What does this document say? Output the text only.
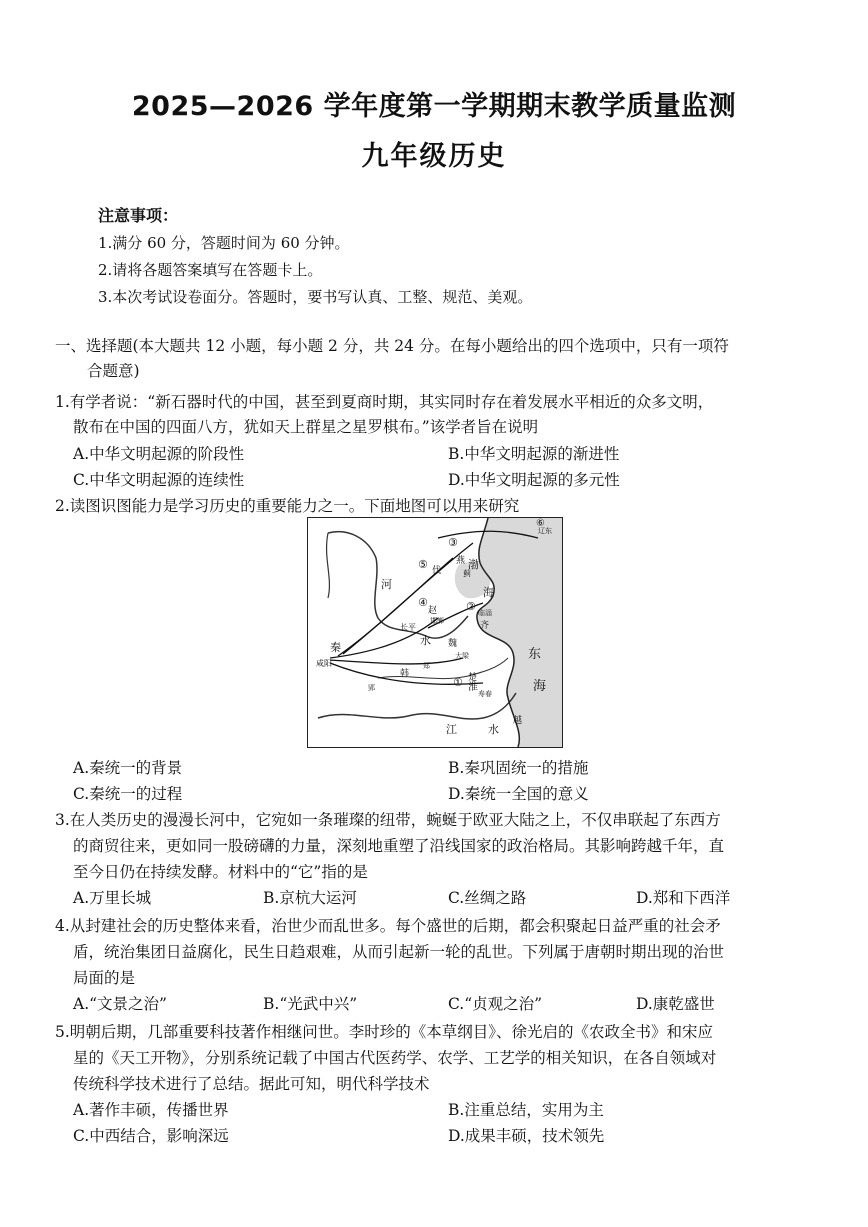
2025—2026 学年度第一学期期末教学质量监测
九年级历史
注意事项：
1.满分 60 分，答题时间为 60 分钟。
2.请将各题答案填写在答题卡上。
3.本次考试设卷面分。答题时，要书写认真、工整、规范、美观。
一、选择题(本大题共 12 小题，每小题 2 分，共 24 分。在每小题给出的四个选项中，只有一项符
合题意)
1.有学者说：“新石器时代的中国，甚至到夏商时期，其实同时存在着发展水平相近的众多文明，
散布在中国的四面八方，犹如天上群星之星罗棋布。”该学者旨在说明
A.中华文明起源的阶段性	B.中华文明起源的渐进性
C.中华文明起源的连续性	D.中华文明起源的多元性
2.读图识图能力是学习历史的重要能力之一。下面地图可以用来研究
河
渤
海
东
海
江
水
水
淮
秦
咸阳
代
燕
蓟
辽东
赵
邯郸
长平	齐
临淄
魏
大梁
韩
郑
郢
楚
寿春
越
①
②
③
④
⑤
⑥
A.秦统一的背景	B.秦巩固统一的措施
C.秦统一的过程	D.秦统一全国的意义
3.在人类历史的漫漫长河中，它宛如一条璀璨的纽带，蜿蜒于欧亚大陆之上，不仅串联起了东西方
的商贸往来，更如同一股磅礴的力量，深刻地重塑了沿线国家的政治格局。其影响跨越千年，直
至今日仍在持续发酵。材料中的“它”指的是
A.万里长城	B.京杭大运河	C.丝绸之路	D.郑和下西洋
4.从封建社会的历史整体来看，治世少而乱世多。每个盛世的后期，都会积聚起日益严重的社会矛
盾，统治集团日益腐化，民生日趋艰难，从而引起新一轮的乱世。下列属于唐朝时期出现的治世
局面的是
A.“文景之治”	B.“光武中兴”	C.“贞观之治”	D.康乾盛世
5.明朝后期，几部重要科技著作相继问世。李时珍的《本草纲目》、徐光启的《农政全书》和宋应
星的《天工开物》，分别系统记载了中国古代医药学、农学、工艺学的相关知识，在各自领域对
传统科学技术进行了总结。据此可知，明代科学技术
A.著作丰硕，传播世界	B.注重总结，实用为主
C.中西结合，影响深远	D.成果丰硕，技术领先
